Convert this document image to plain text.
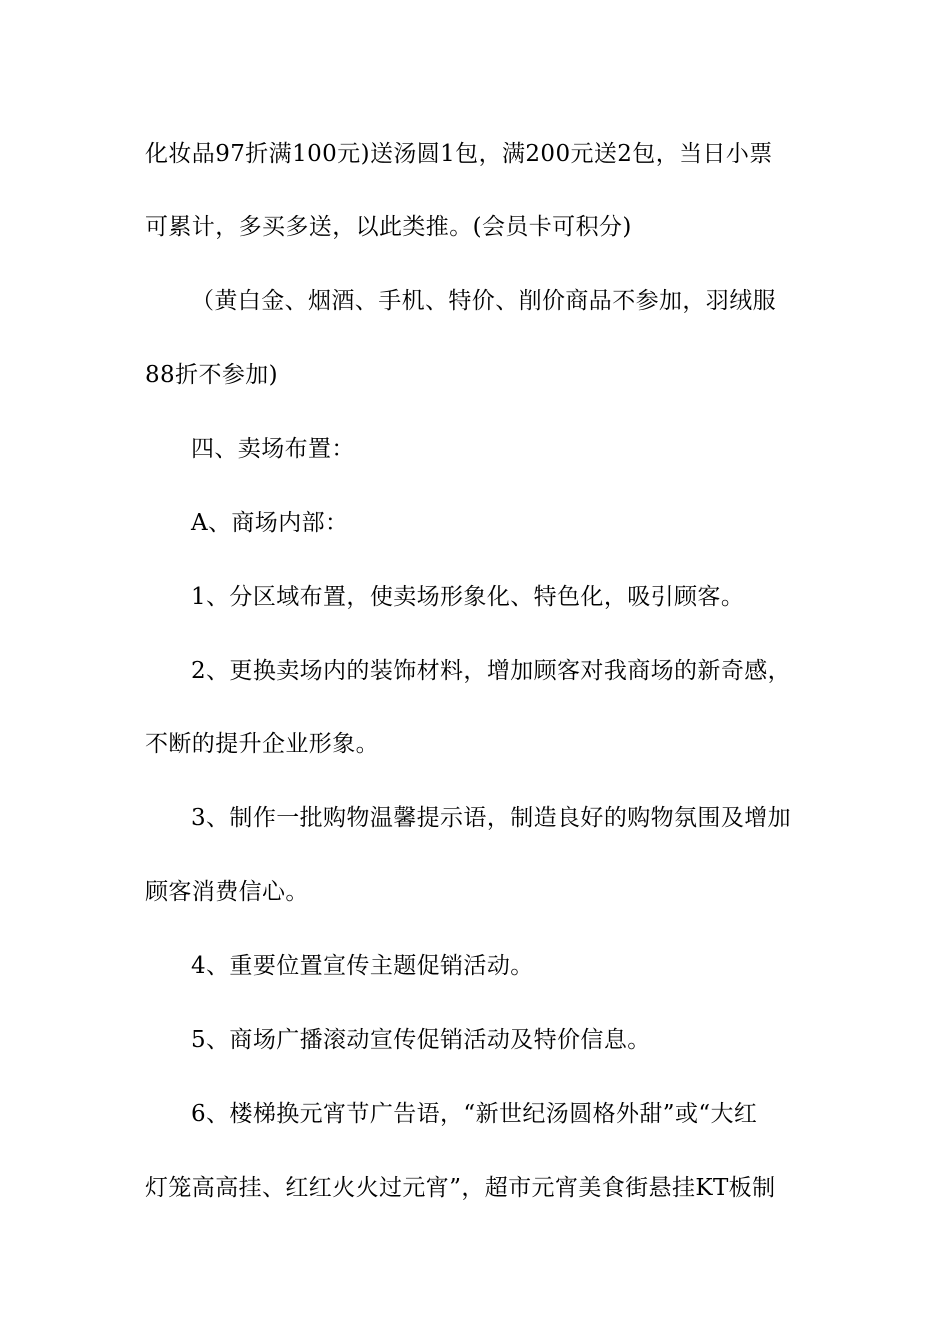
化妆品97折满100元)送汤圆1包，满200元送2包，当日小票
可累计，多买多送，以此类推。(会员卡可积分)
（黄白金、烟酒、手机、特价、削价商品不参加，羽绒服
88折不参加)
四、卖场布置：
A、商场内部：
1、分区域布置，使卖场形象化、特色化，吸引顾客。
2、更换卖场内的装饰材料，增加顾客对我商场的新奇感，
不断的提升企业形象。
3、制作一批购物温馨提示语，制造良好的购物氛围及增加
顾客消费信心。
4、重要位置宣传主题促销活动。
5、商场广播滚动宣传促销活动及特价信息。
6、楼梯换元宵节广告语，“新世纪汤圆格外甜”或“大红
灯笼高高挂、红红火火过元宵”，超市元宵美食街悬挂KT板制
